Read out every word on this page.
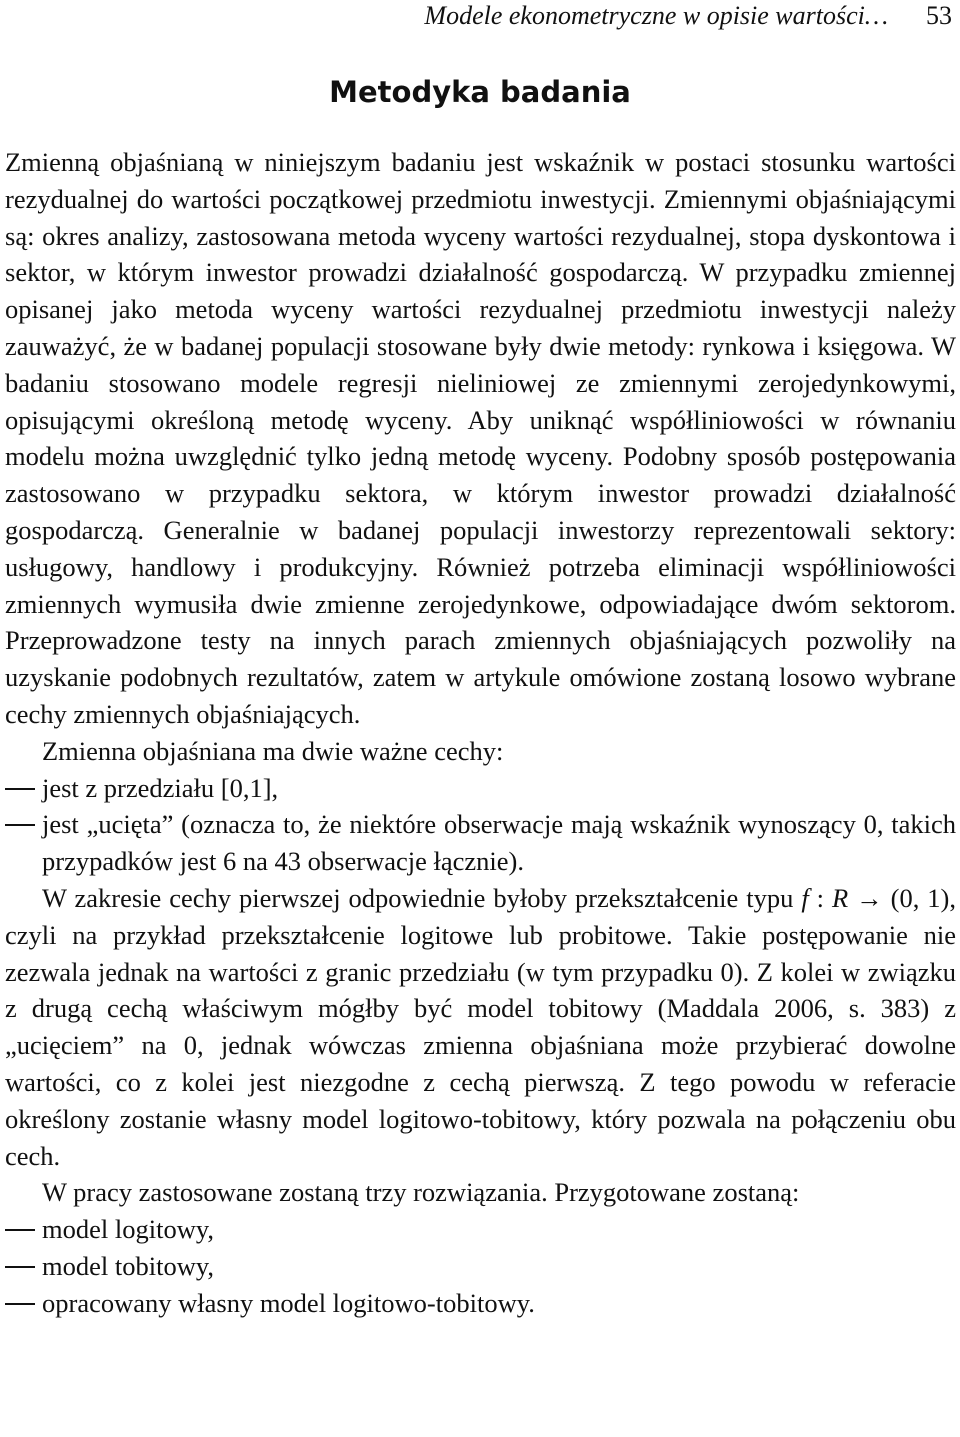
Modele ekonometryczne w opisie wartości… 53
Metodyka badania

Zmienną objaśnianą w niniejszym badaniu jest wskaźnik w postaci stosunku wartości rezydualnej do wartości początkowej przedmiotu inwestycji. Zmiennymi objaśniającymi są: okres analizy, zastosowana metoda wyceny wartości rezydualnej, stopa dyskontowa i sektor, w którym inwestor prowadzi działalność gospodarczą. W przypadku zmiennej opisanej jako metoda wyceny wartości rezydualnej przedmiotu inwestycji należy zauważyć, że w badanej populacji stosowane były dwie metody: rynkowa i księgowa. W badaniu stosowano modele regresji nieliniowej ze zmiennymi zerojedynkowymi, opisującymi określoną metodę wyceny. Aby uniknąć współliniowości w równaniu modelu można uwzględnić tylko jedną metodę wyceny. Podobny sposób postępowania zastosowano w przypadku sektora, w którym inwestor prowadzi działalność gospodarczą. Generalnie w badanej populacji inwestorzy reprezentowali sektory: usługowy, handlowy i produkcyjny. Również potrzeba eliminacji współliniowości zmiennych wymusiła dwie zmienne zerojedynkowe, odpowiadające dwóm sektorom. Przeprowadzone testy na innych parach zmiennych objaśniających pozwoliły na uzyskanie podobnych rezultatów, zatem w artykule omówione zostaną losowo wybrane cechy zmiennych objaśniających.

Zmienna objaśniana ma dwie ważne cechy:

jest z przedziału [0,1],
jest „ucięta” (oznacza to, że niektóre obserwacje mają wskaźnik wynoszący 0, takich przypadków jest 6 na 43 obserwacje łącznie).

W zakresie cechy pierwszej odpowiednie byłoby przekształcenie typu f : R → (0, 1), czyli na przykład przekształcenie logitowe lub probitowe. Takie postępowanie nie zezwala jednak na wartości z granic przedziału (w tym przypadku 0). Z kolei w związku z drugą cechą właściwym mógłby być model tobitowy (Maddala 2006, s. 383) z „ucięciem” na 0, jednak wówczas zmienna objaśniana może przybierać dowolne wartości, co z kolei jest niezgodne z cechą pierwszą. Z tego powodu w referacie określony zostanie własny model logitowo-tobitowy, który pozwala na połączeniu obu cech.

W pracy zastosowane zostaną trzy rozwiązania. Przygotowane zostaną:

model logitowy,
model tobitowy,
opracowany własny model logitowo-tobitowy.
